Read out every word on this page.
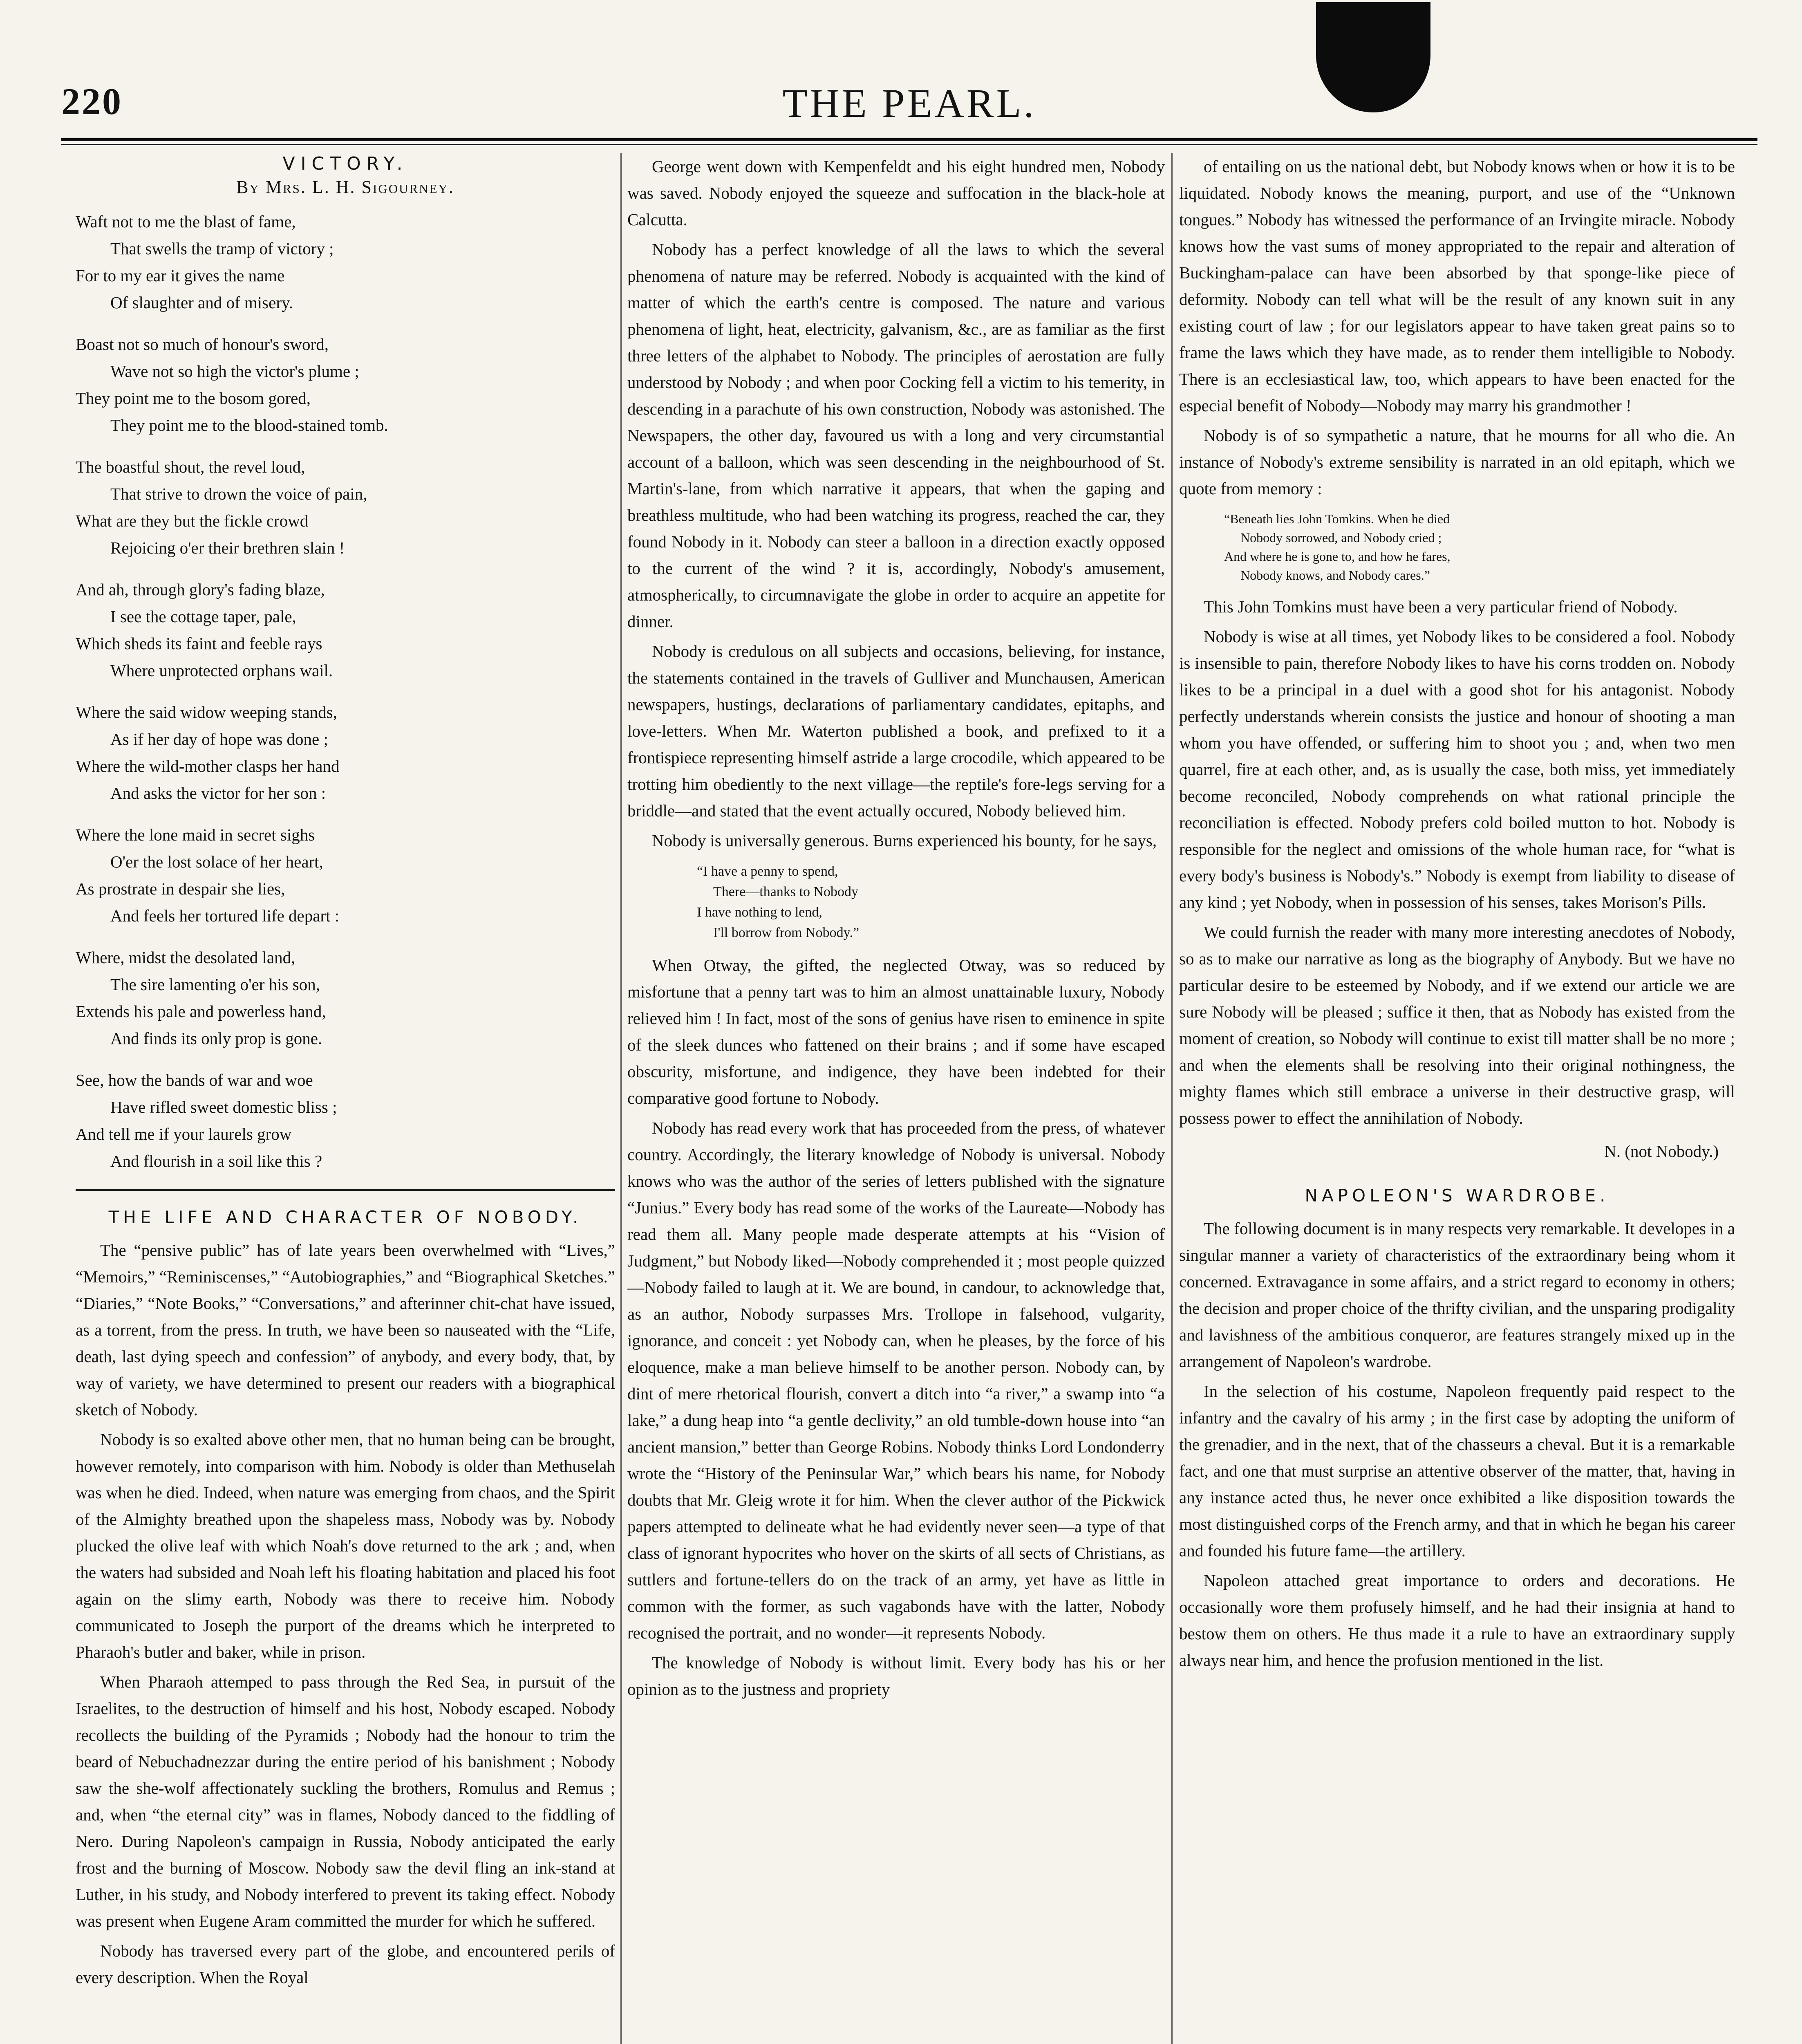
220	THE PEARL.
VICTORY.
By Mrs. L. H. Sigourney.
Waft not to me the blast of fame,
That swells the tramp of victory ;
For to my ear it gives the name
Of slaughter and of misery.
Boast not so much of honour's sword,
Wave not so high the victor's plume ;
They point me to the bosom gored,
They point me to the blood-stained tomb.
The boastful shout, the revel loud,
That strive to drown the voice of pain,
What are they but the fickle crowd
Rejoicing o'er their brethren slain !
And ah, through glory's fading blaze,
I see the cottage taper, pale,
Which sheds its faint and feeble rays
Where unprotected orphans wail.
Where the said widow weeping stands,
As if her day of hope was done ;
Where the wild-mother clasps her hand
And asks the victor for her son :
Where the lone maid in secret sighs
O'er the lost solace of her heart,
As prostrate in despair she lies,
And feels her tortured life depart :
Where, midst the desolated land,
The sire lamenting o'er his son,
Extends his pale and powerless hand,
And finds its only prop is gone.
See, how the bands of war and woe
Have rifled sweet domestic bliss ;
And tell me if your laurels grow
And flourish in a soil like this ?
THE LIFE AND CHARACTER OF NOBODY.

The “pensive public” has of late years been overwhelmed with “Lives,” “Memoirs,” “Reminiscenses,” “Autobiographies,” and “Biographical Sketches.” “Diaries,” “Note Books,” “Conversations,” and afterinner chit-chat have issued, as a torrent, from the press. In truth, we have been so nauseated with the “Life, death, last dying speech and confession” of anybody, and every body, that, by way of variety, we have determined to present our readers with a biographical sketch of Nobody.

Nobody is so exalted above other men, that no human being can be brought, however remotely, into comparison with him. Nobody is older than Methuselah was when he died. Indeed, when nature was emerging from chaos, and the Spirit of the Almighty breathed upon the shapeless mass, Nobody was by. Nobody plucked the olive leaf with which Noah's dove returned to the ark ; and, when the waters had subsided and Noah left his floating habitation and placed his foot again on the slimy earth, Nobody was there to receive him. Nobody communicated to Joseph the purport of the dreams which he interpreted to Pharaoh's butler and baker, while in prison.

When Pharaoh attemped to pass through the Red Sea, in pursuit of the Israelites, to the destruction of himself and his host, Nobody escaped. Nobody recollects the building of the Pyramids ; Nobody had the honour to trim the beard of Nebuchadnezzar during the entire period of his banishment ; Nobody saw the she-wolf affectionately suckling the brothers, Romulus and Remus ; and, when “the eternal city” was in flames, Nobody danced to the fiddling of Nero. During Napoleon's campaign in Russia, Nobody anticipated the early frost and the burning of Moscow. Nobody saw the devil fling an ink-stand at Luther, in his study, and Nobody interfered to prevent its taking effect. Nobody was present when Eugene Aram committed the murder for which he suffered.

Nobody has traversed every part of the globe, and encountered perils of every description. When the Royal

George went down with Kempenfeldt and his eight hundred men, Nobody was saved. Nobody enjoyed the squeeze and suffocation in the black-hole at Calcutta.

Nobody has a perfect knowledge of all the laws to which the several phenomena of nature may be referred. Nobody is acquainted with the kind of matter of which the earth's centre is composed. The nature and various phenomena of light, heat, electricity, galvanism, &c., are as familiar as the first three letters of the alphabet to Nobody. The principles of aerostation are fully understood by Nobody ; and when poor Cocking fell a victim to his temerity, in descending in a parachute of his own construction, Nobody was astonished. The Newspapers, the other day, favoured us with a long and very circumstantial account of a balloon, which was seen descending in the neighbourhood of St. Martin's-lane, from which narrative it appears, that when the gaping and breathless multitude, who had been watching its progress, reached the car, they found Nobody in it. Nobody can steer a balloon in a direction exactly opposed to the current of the wind ? it is, accordingly, Nobody's amusement, atmospherically, to circumnavigate the globe in order to acquire an appetite for dinner.

Nobody is credulous on all subjects and occasions, believing, for instance, the statements contained in the travels of Gulliver and Munchausen, American newspapers, hustings, declarations of parliamentary candidates, epitaphs, and love-letters. When Mr. Waterton published a book, and prefixed to it a frontispiece representing himself astride a large crocodile, which appeared to be trotting him obediently to the next village—the reptile's fore-legs serving for a briddle—and stated that the event actually occured, Nobody believed him.

Nobody is universally generous. Burns experienced his bounty, for he says,

“I have a penny to spend,
There—thanks to Nobody
I have nothing to lend,
I'll borrow from Nobody.”

When Otway, the gifted, the neglected Otway, was so reduced by misfortune that a penny tart was to him an almost unattainable luxury, Nobody relieved him ! In fact, most of the sons of genius have risen to eminence in spite of the sleek dunces who fattened on their brains ; and if some have escaped obscurity, misfortune, and indigence, they have been indebted for their comparative good fortune to Nobody.

Nobody has read every work that has proceeded from the press, of whatever country. Accordingly, the literary knowledge of Nobody is universal. Nobody knows who was the author of the series of letters published with the signature “Junius.” Every body has read some of the works of the Laureate—Nobody has read them all. Many people made desperate attempts at his “Vision of Judgment,” but Nobody liked—Nobody comprehended it ; most people quizzed—Nobody failed to laugh at it. We are bound, in candour, to acknowledge that, as an author, Nobody surpasses Mrs. Trollope in falsehood, vulgarity, ignorance, and conceit : yet Nobody can, when he pleases, by the force of his eloquence, make a man believe himself to be another person. Nobody can, by dint of mere rhetorical flourish, convert a ditch into “a river,” a swamp into “a lake,” a dung heap into “a gentle declivity,” an old tumble-down house into “an ancient mansion,” better than George Robins. Nobody thinks Lord Londonderry wrote the “History of the Peninsular War,” which bears his name, for Nobody doubts that Mr. Gleig wrote it for him. When the clever author of the Pickwick papers attempted to delineate what he had evidently never seen—a type of that class of ignorant hypocrites who hover on the skirts of all sects of Christians, as suttlers and fortune-tellers do on the track of an army, yet have as little in common with the former, as such vagabonds have with the latter, Nobody recognised the portrait, and no wonder—it represents Nobody.

The knowledge of Nobody is without limit. Every body has his or her opinion as to the justness and propriety

of entailing on us the national debt, but Nobody knows when or how it is to be liquidated. Nobody knows the meaning, purport, and use of the “Unknown tongues.” Nobody has witnessed the performance of an Irvingite miracle. Nobody knows how the vast sums of money appropriated to the repair and alteration of Buckingham-palace can have been absorbed by that sponge-like piece of deformity. Nobody can tell what will be the result of any known suit in any existing court of law ; for our legislators appear to have taken great pains so to frame the laws which they have made, as to render them intelligible to Nobody. There is an ecclesiastical law, too, which appears to have been enacted for the especial benefit of Nobody—Nobody may marry his grandmother !

Nobody is of so sympathetic a nature, that he mourns for all who die. An instance of Nobody's extreme sensibility is narrated in an old epitaph, which we quote from memory :

“Beneath lies John Tomkins. When he died
Nobody sorrowed, and Nobody cried ;
And where he is gone to, and how he fares,
Nobody knows, and Nobody cares.”

This John Tomkins must have been a very particular friend of Nobody.

Nobody is wise at all times, yet Nobody likes to be considered a fool. Nobody is insensible to pain, therefore Nobody likes to have his corns trodden on. Nobody likes to be a principal in a duel with a good shot for his antagonist. Nobody perfectly understands wherein consists the justice and honour of shooting a man whom you have offended, or suffering him to shoot you ; and, when two men quarrel, fire at each other, and, as is usually the case, both miss, yet immediately become reconciled, Nobody comprehends on what rational principle the reconciliation is effected. Nobody prefers cold boiled mutton to hot. Nobody is responsible for the neglect and omissions of the whole human race, for “what is every body's business is Nobody's.” Nobody is exempt from liability to disease of any kind ; yet Nobody, when in possession of his senses, takes Morison's Pills.

We could furnish the reader with many more interesting anecdotes of Nobody, so as to make our narrative as long as the biography of Anybody. But we have no particular desire to be esteemed by Nobody, and if we extend our article we are sure Nobody will be pleased ; suffice it then, that as Nobody has existed from the moment of creation, so Nobody will continue to exist till matter shall be no more ; and when the elements shall be resolving into their original nothingness, the mighty flames which still embrace a universe in their destructive grasp, will possess power to effect the annihilation of Nobody.

N. (not Nobody.)
NAPOLEON'S WARDROBE.

The following document is in many respects very remarkable. It developes in a singular manner a variety of characteristics of the extraordinary being whom it concerned. Extravagance in some affairs, and a strict regard to economy in others; the decision and proper choice of the thrifty civilian, and the unsparing prodigality and lavishness of the ambitious conqueror, are features strangely mixed up in the arrangement of Napoleon's wardrobe.

In the selection of his costume, Napoleon frequently paid respect to the infantry and the cavalry of his army ; in the first case by adopting the uniform of the grenadier, and in the next, that of the chasseurs a cheval. But it is a remarkable fact, and one that must surprise an attentive observer of the matter, that, having in any instance acted thus, he never once exhibited a like disposition towards the most distinguished corps of the French army, and that in which he began his career and founded his future fame—the artillery.

Napoleon attached great importance to orders and decorations. He occasionally wore them profusely himself, and he had their insignia at hand to bestow them on others. He thus made it a rule to have an extraordinary supply always near him, and hence the profusion mentioned in the list.
